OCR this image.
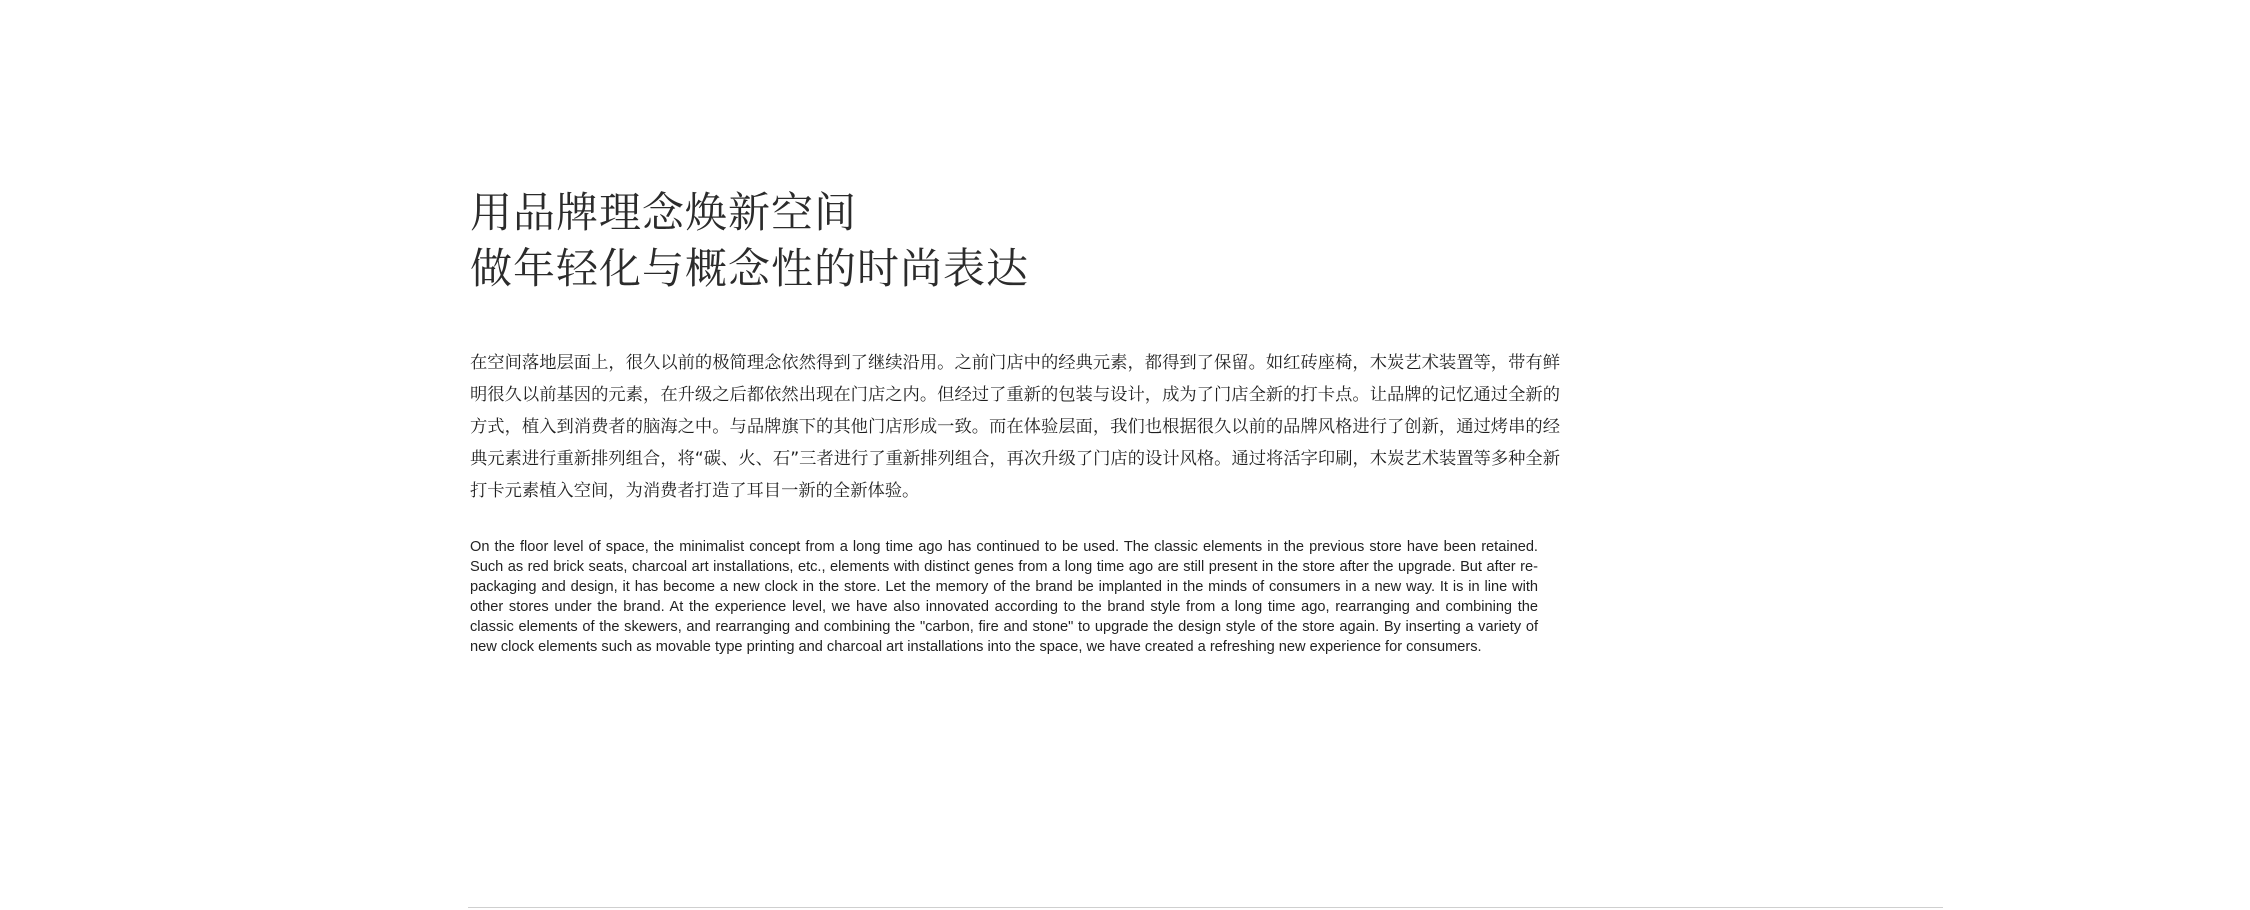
用品牌理念焕新空间
做年轻化与概念性的时尚表达

在空间落地层面上，很久以前的极简理念依然得到了继续沿用。之前门店中的经典元素，都得到了保留。如红砖座椅，木炭艺术装置等，带有鲜明很久以前基因的元素，在升级之后都依然出现在门店之内。但经过了重新的包装与设计，成为了门店全新的打卡点。让品牌的记忆通过全新的方式，植入到消费者的脑海之中。与品牌旗下的其他门店形成一致。而在体验层面，我们也根据很久以前的品牌风格进行了创新，通过烤串的经典元素进行重新排列组合，将“碳、火、石”三者进行了重新排列组合，再次升级了门店的设计风格。通过将活字印刷，木炭艺术装置等多种全新打卡元素植入空间，为消费者打造了耳目一新的全新体验。

On the floor level of space, the minimalist concept from a long time ago has continued to be used. The classic elements in the previous store have been retained. Such as red brick seats, charcoal art installations, etc., elements with distinct genes from a long time ago are still present in the store after the upgrade. But after re-packaging and design, it has become a new clock in the store. Let the memory of the brand be implanted in the minds of consumers in a new way. It is in line with other stores under the brand. At the experience level, we have also innovated according to the brand style from a long time ago, rearranging and combining the classic elements of the skewers, and rearranging and combining the "carbon, fire and stone" to upgrade the design style of the store again. By inserting a variety of new clock elements such as movable type printing and charcoal art installations into the space, we have created a refreshing new experience for consumers.
